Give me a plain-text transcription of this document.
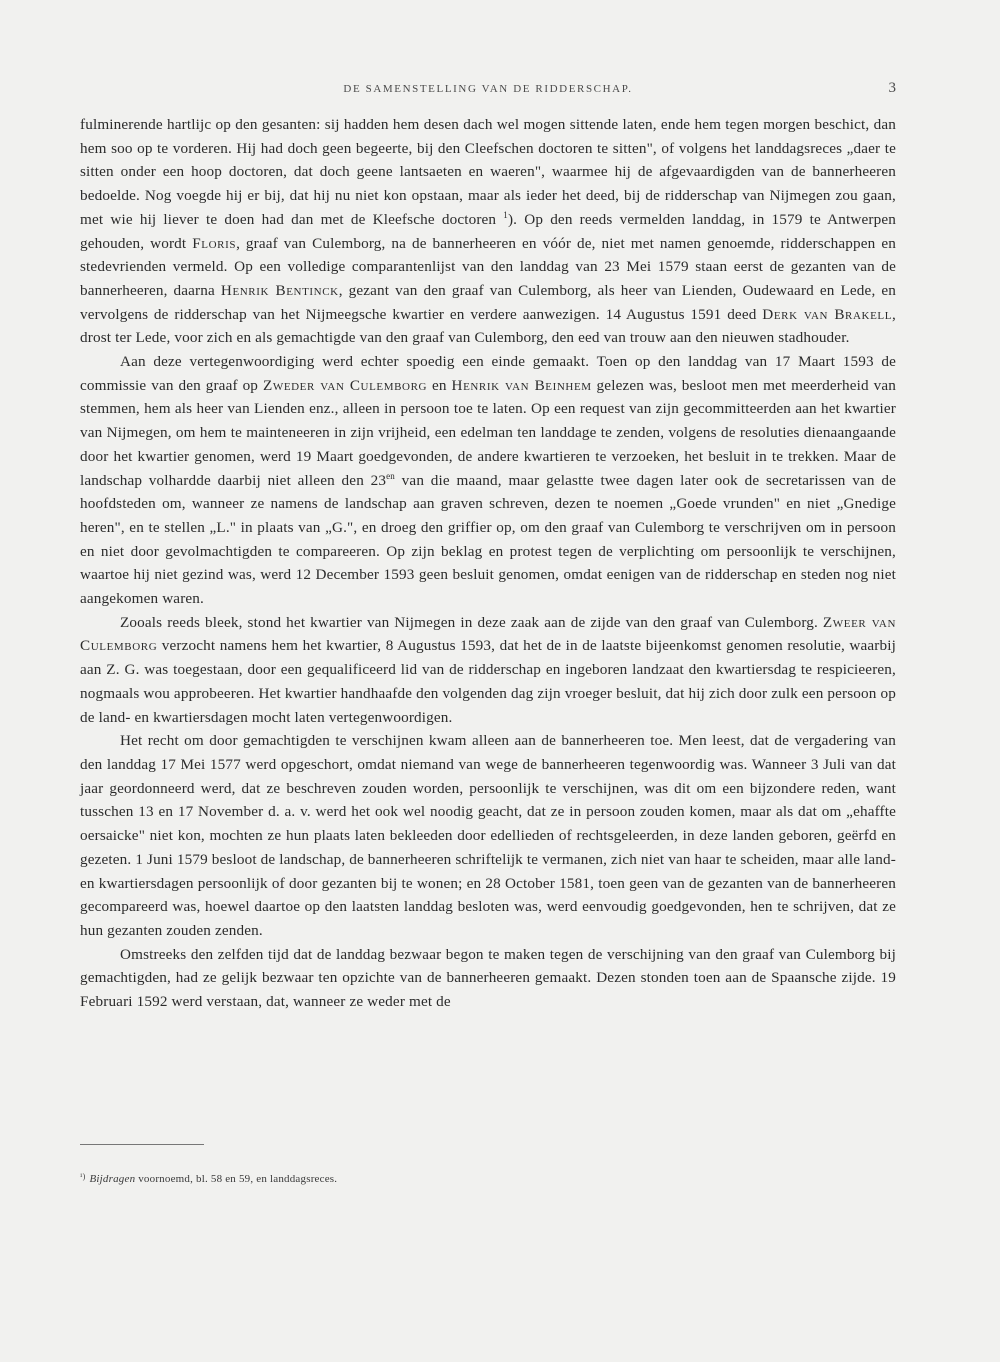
DE SAMENSTELLING VAN DE RIDDERSCHAP.	3

fulminerende hartlijc op den gesanten: sij hadden hem desen dach wel mogen sittende laten, ende hem tegen morgen beschict, dan hem soo op te vorderen. Hij had doch geen begeerte, bij den Cleefschen doctoren te sitten", of volgens het landdagsreces „daer te sitten onder een hoop doctoren, dat doch geene lantsaeten en waeren", waarmee hij de afgevaardigden van de bannerheeren bedoelde. Nog voegde hij er bij, dat hij nu niet kon opstaan, maar als ieder het deed, bij de ridderschap van Nijmegen zou gaan, met wie hij liever te doen had dan met de Kleefsche doctoren $^1$). Op den reeds vermelden landdag, in 1579 te Antwerpen gehouden, wordt Floris, graaf van Culemborg, na de bannerheeren en vóór de, niet met namen genoemde, ridderschappen en stedevrienden vermeld. Op een volledige comparantenlijst van den landdag van 23 Mei 1579 staan eerst de gezanten van de bannerheeren, daarna Henrik Bentinck, gezant van den graaf van Culemborg, als heer van Lienden, Oudewaard en Lede, en vervolgens de ridderschap van het Nijmeegsche kwartier en verdere aanwezigen. 14 Augustus 1591 deed Derk van Brakell, drost ter Lede, voor zich en als gemachtigde van den graaf van Culemborg, den eed van trouw aan den nieuwen stadhouder.

Aan deze vertegenwoordiging werd echter spoedig een einde gemaakt. Toen op den landdag van 17 Maart 1593 de commissie van den graaf op Zweder van Culemborg en Henrik van Beinhem gelezen was, besloot men met meerderheid van stemmen, hem als heer van Lienden enz., alleen in persoon toe te laten. Op een request van zijn gecommitteerden aan het kwartier van Nijmegen, om hem te mainteneeren in zijn vrijheid, een edelman ten landdage te zenden, volgens de resoluties dienaangaande door het kwartier genomen, werd 19 Maart goedgevonden, de andere kwartieren te verzoeken, het besluit in te trekken. Maar de landschap volhardde daarbij niet alleen den $23^{en}$ van die maand, maar gelastte twee dagen later ook de secretarissen van de hoofdsteden om, wanneer ze namens de landschap aan graven schreven, dezen te noemen „Goede vrunden" en niet „Gnedige heren", en te stellen „L." in plaats van „G.", en droeg den griffier op, om den graaf van Culemborg te verschrijven om in persoon en niet door gevolmachtigden te compareeren. Op zijn beklag en protest tegen de verplichting om persoonlijk te verschijnen, waartoe hij niet gezind was, werd 12 December 1593 geen besluit genomen, omdat eenigen van de ridderschap en steden nog niet aangekomen waren.

Zooals reeds bleek, stond het kwartier van Nijmegen in deze zaak aan de zijde van den graaf van Culemborg. Zweer van Culemborg verzocht namens hem het kwartier, 8 Augustus 1593, dat het de in de laatste bijeenkomst genomen resolutie, waarbij aan Z. G. was toegestaan, door een gequalificeerd lid van de ridderschap en ingeboren landzaat den kwartiersdag te respicieeren, nogmaals wou approbeeren. Het kwartier handhaafde den volgenden dag zijn vroeger besluit, dat hij zich door zulk een persoon op de land- en kwartiersdagen mocht laten vertegenwoordigen.

Het recht om door gemachtigden te verschijnen kwam alleen aan de bannerheeren toe. Men leest, dat de vergadering van den landdag 17 Mei 1577 werd opgeschort, omdat niemand van wege de bannerheeren tegenwoordig was. Wanneer 3 Juli van dat jaar geordonneerd werd, dat ze beschreven zouden worden, persoonlijk te verschijnen, was dit om een bijzondere reden, want tusschen 13 en 17 November d. a. v. werd het ook wel noodig geacht, dat ze in persoon zouden komen, maar als dat om „ehaffte oersaicke" niet kon, mochten ze hun plaats laten bekleeden door edellieden of rechtsgeleerden, in deze landen geboren, geërfd en gezeten. 1 Juni 1579 besloot de landschap, de bannerheeren schriftelijk te vermanen, zich niet van haar te scheiden, maar alle land- en kwartiersdagen persoonlijk of door gezanten bij te wonen; en 28 October 1581, toen geen van de gezanten van de bannerheeren gecompareerd was, hoewel daartoe op den laatsten landdag besloten was, werd eenvoudig goedgevonden, hen te schrijven, dat ze hun gezanten zouden zenden.

Omstreeks den zelfden tijd dat de landdag bezwaar begon te maken tegen de verschijning van den graaf van Culemborg bij gemachtigden, had ze gelijk bezwaar ten opzichte van de bannerheeren gemaakt. Dezen stonden toen aan de Spaansche zijde. 19 Februari 1592 werd verstaan, dat, wanneer ze weder met de

$^{^1)}$ Bijdragen voornoemd, bl. 58 en 59, en landdagsreces.
